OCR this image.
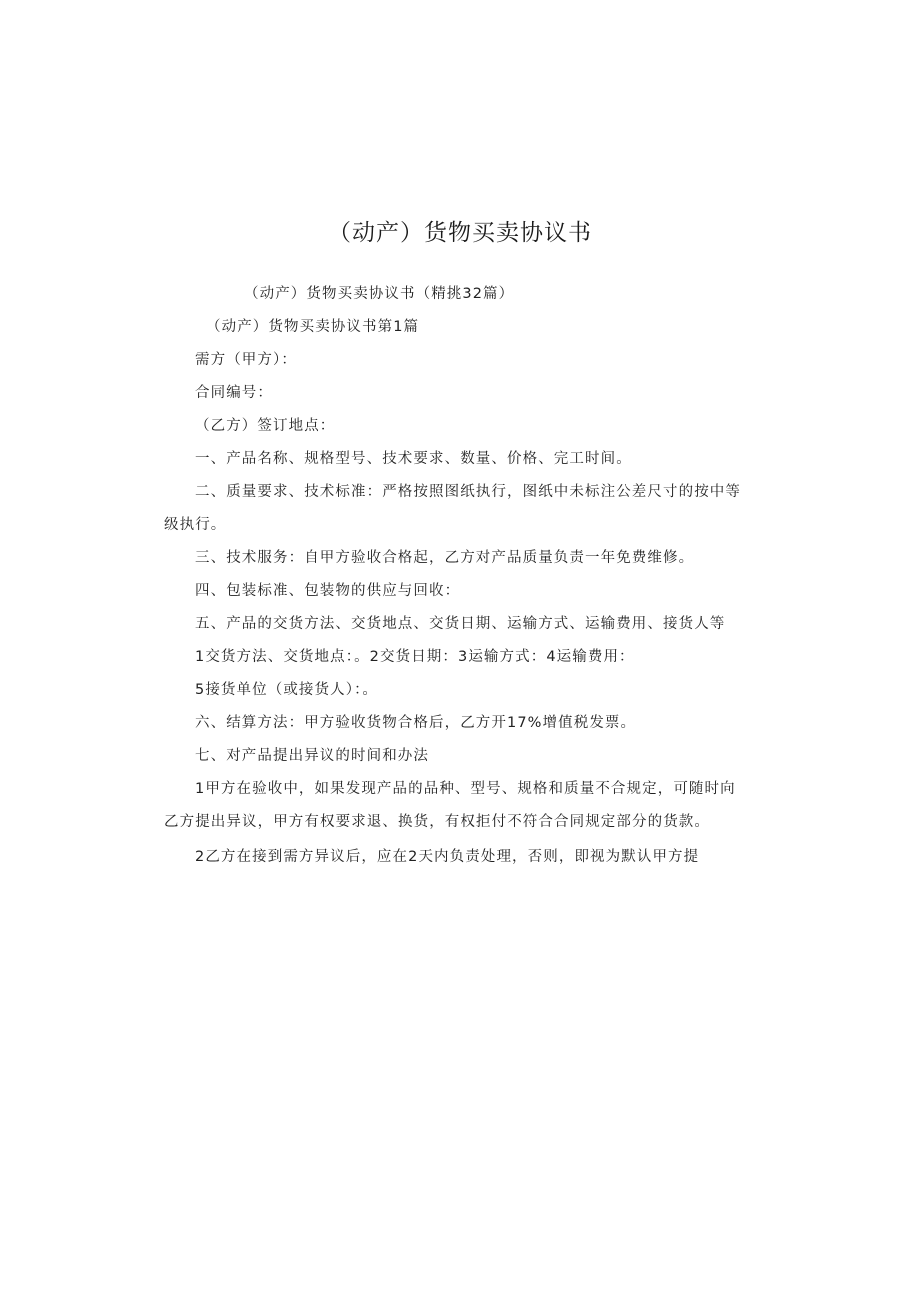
（动产）货物买卖协议书

（动产）货物买卖协议书（精挑32篇）

（动产）货物买卖协议书第1篇

需方（甲方）：

合同编号：

（乙方）签订地点：

一、产品名称、规格型号、技术要求、数量、价格、完工时间。

二、质量要求、技术标准：严格按照图纸执行，图纸中未标注公差尺寸的按中等级执行。

三、技术服务：自甲方验收合格起，乙方对产品质量负责一年免费维修。

四、包装标准、包装物的供应与回收：

五、产品的交货方法、交货地点、交货日期、运输方式、运输费用、接货人等

1交货方法、交货地点：。2交货日期：3运输方式：4运输费用：

5接货单位（或接货人）：。

六、结算方法：甲方验收货物合格后，乙方开17%增值税发票。

七、对产品提出异议的时间和办法

1甲方在验收中，如果发现产品的品种、型号、规格和质量不合规定，可随时向乙方提出异议，甲方有权要求退、换货，有权拒付不符合合同规定部分的货款。

2乙方在接到需方异议后，应在2天内负责处理，否则，即视为默认甲方提
